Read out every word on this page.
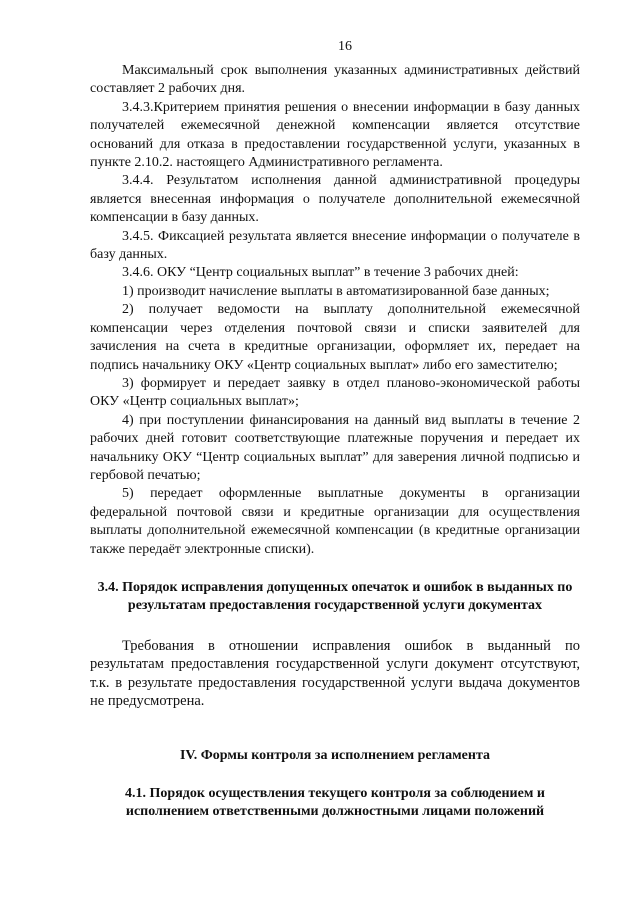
16

Максимальный срок выполнения указанных административных действий составляет 2 рабочих дня.

3.4.3.Критерием принятия решения о внесении информации в базу данных получателей ежемесячной денежной компенсации является отсутствие оснований для отказа в предоставлении государственной услуги, указанных в пункте 2.10.2. настоящего Административного регламента.

3.4.4. Результатом исполнения данной административной процедуры является внесенная информация о получателе дополнительной ежемесячной компенсации в базу данных.

3.4.5. Фиксацией результата является внесение информации о получателе в базу данных.

3.4.6. ОКУ “Центр социальных выплат” в течение 3 рабочих дней:

1) производит начисление выплаты в автоматизированной базе данных;

2) получает ведомости на выплату дополнительной ежемесячной компенсации через отделения почтовой связи и списки заявителей для зачисления на счета в кредитные организации, оформляет их, передает на подпись начальнику ОКУ «Центр социальных выплат» либо его заместителю;

3) формирует и передает заявку в отдел планово-экономической работы ОКУ «Центр социальных выплат»;

4) при поступлении финансирования на данный вид выплаты в течение 2 рабочих дней готовит соответствующие платежные поручения и передает их начальнику ОКУ “Центр социальных выплат” для заверения личной подписью и гербовой печатью;

5) передает оформленные выплатные документы в организации федеральной почтовой связи и кредитные организации для осуществления выплаты дополнительной ежемесячной компенсации (в кредитные организации также передаёт электронные списки).

3.4. Порядок исправления допущенных опечаток и ошибок в выданных по результатам предоставления государственной услуги документах

Требования в отношении исправления ошибок в выданный по результатам предоставления государственной услуги документ отсутствуют, т.к. в результате предоставления государственной услуги выдача документов не предусмотрена.

IV. Формы контроля за исполнением регламента
4.1. Порядок осуществления текущего контроля за соблюдением и исполнением ответственными должностными лицами положений
